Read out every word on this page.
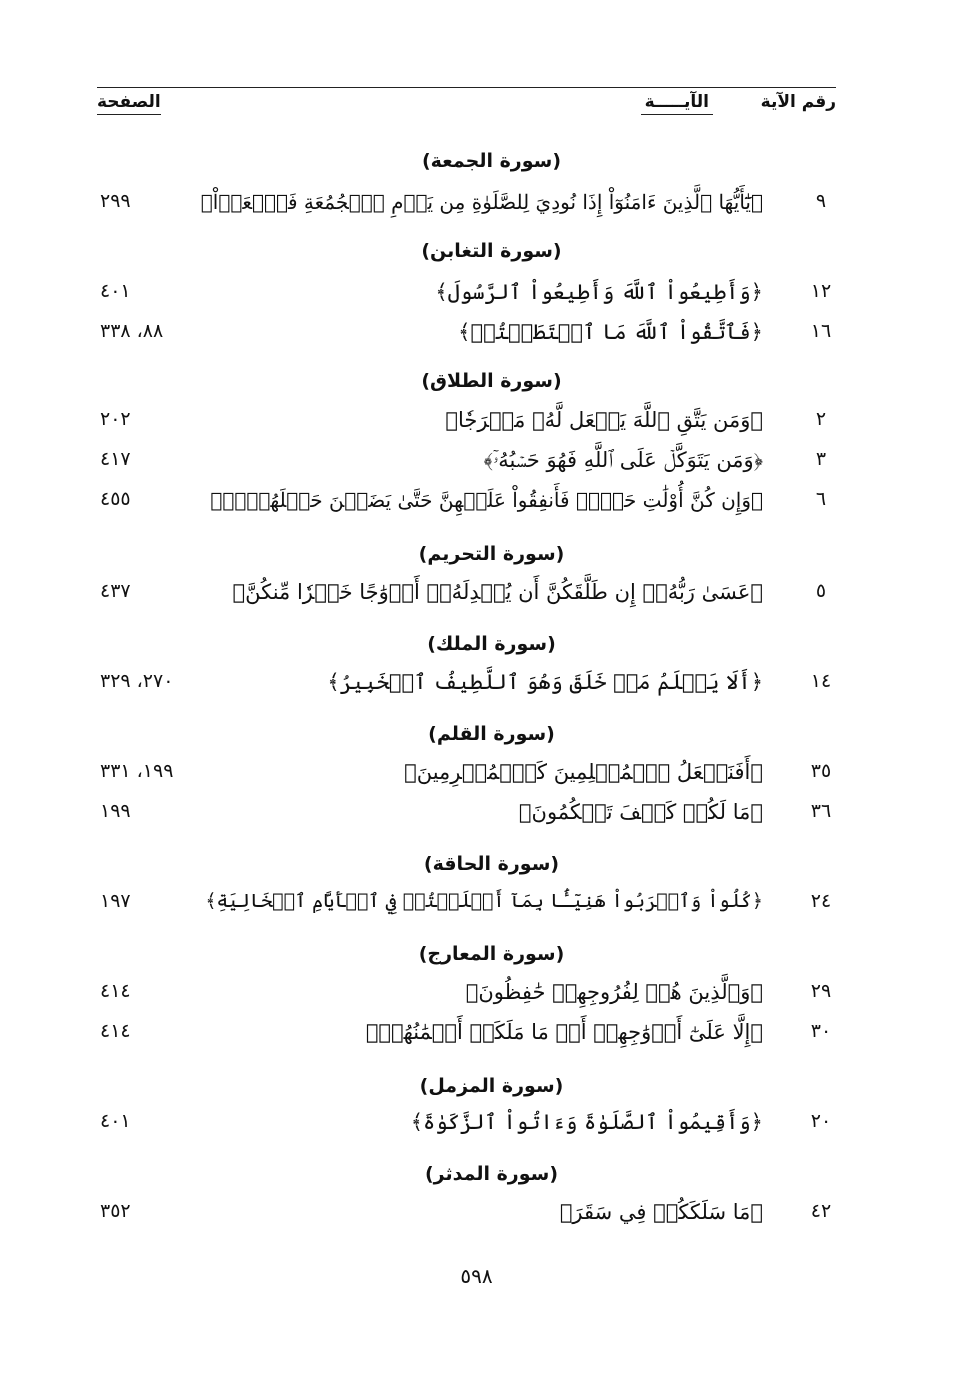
رقم الآية
الآيـــــة
الصفحة
(سورة الجمعة)
٩
﴿يَٰٓأَيُّهَا ٱلَّذِينَ ءَامَنُوٓاْ إِذَا نُودِيَ لِلصَّلَوٰةِ مِن يَوۡمِ ٱلۡجُمُعَةِ فَٱسۡعَوۡاْ﴾
٢٩٩
(سورة التغابن)
١٢
﴿وَأَطِيعُواْ ٱللَّهَ وَأَطِيعُواْ ٱلرَّسُولَ﴾
٤٠١
١٦
﴿فَٱتَّقُواْ ٱللَّهَ مَا ٱسۡتَطَعۡتُمۡ﴾
٨٨، ٣٣٨
(سورة الطلاق)
٢
﴿وَمَن يَتَّقِ ٱللَّهَ يَجۡعَل لَّهُۥ مَخۡرَجٗا﴾
٢٠٢
٣
﴿وَمَن يَتَوَكَّلۡ عَلَى ٱللَّهِ فَهُوَ حَسۡبُهُۥٓ﴾
٤١٧
٦
﴿وَإِن كُنَّ أُوْلَٰتِ حَمۡلٖ فَأَنفِقُواْ عَلَيۡهِنَّ حَتَّىٰ يَضَعۡنَ حَمۡلَهُنَّۚ﴾
٤٥٥
(سورة التحريم)
٥
﴿عَسَىٰ رَبُّهُۥٓ إِن طَلَّقَكُنَّ أَن يُبۡدِلَهُۥٓ أَزۡوَٰجًا خَيۡرٗا مِّنكُنَّ﴾
٤٣٧
(سورة الملك)
١٤
﴿أَلَا يَعۡلَمُ مَنۡ خَلَقَ وَهُوَ ٱللَّطِيفُ ٱلۡخَبِيرُ﴾
٢٧٠، ٣٢٩
(سورة القلم)
٣٥
﴿أَفَنَجۡعَلُ ٱلۡمُسۡلِمِينَ كَٱلۡمُجۡرِمِينَ﴾
١٩٩، ٣٣١
٣٦
﴿مَا لَكُمۡ كَيۡفَ تَحۡكُمُونَ﴾
١٩٩
(سورة الحاقة)
٢٤
﴿كُلُواْ وَٱشۡرَبُواْ هَنِيٓـَٔۢا بِمَآ أَسۡلَفۡتُمۡ فِي ٱلۡأَيَّامِ ٱلۡخَالِيَةِ﴾
١٩٧
(سورة المعارج)
٢٩
﴿وَٱلَّذِينَ هُمۡ لِفُرُوجِهِمۡ حَٰفِظُونَ﴾
٤١٤
٣٠
﴿إِلَّا عَلَىٰٓ أَزۡوَٰجِهِمۡ أَوۡ مَا مَلَكَتۡ أَيۡمَٰنُهُمۡ﴾
٤١٤
(سورة المزمل)
٢٠
﴿وَأَقِيمُواْ ٱلصَّلَوٰةَ وَءَاتُواْ ٱلزَّكَوٰةَ﴾
٤٠١
(سورة المدثر)
٤٢
﴿مَا سَلَكَكُمۡ فِي سَقَرَ﴾
٣٥٢
٥٩٨
